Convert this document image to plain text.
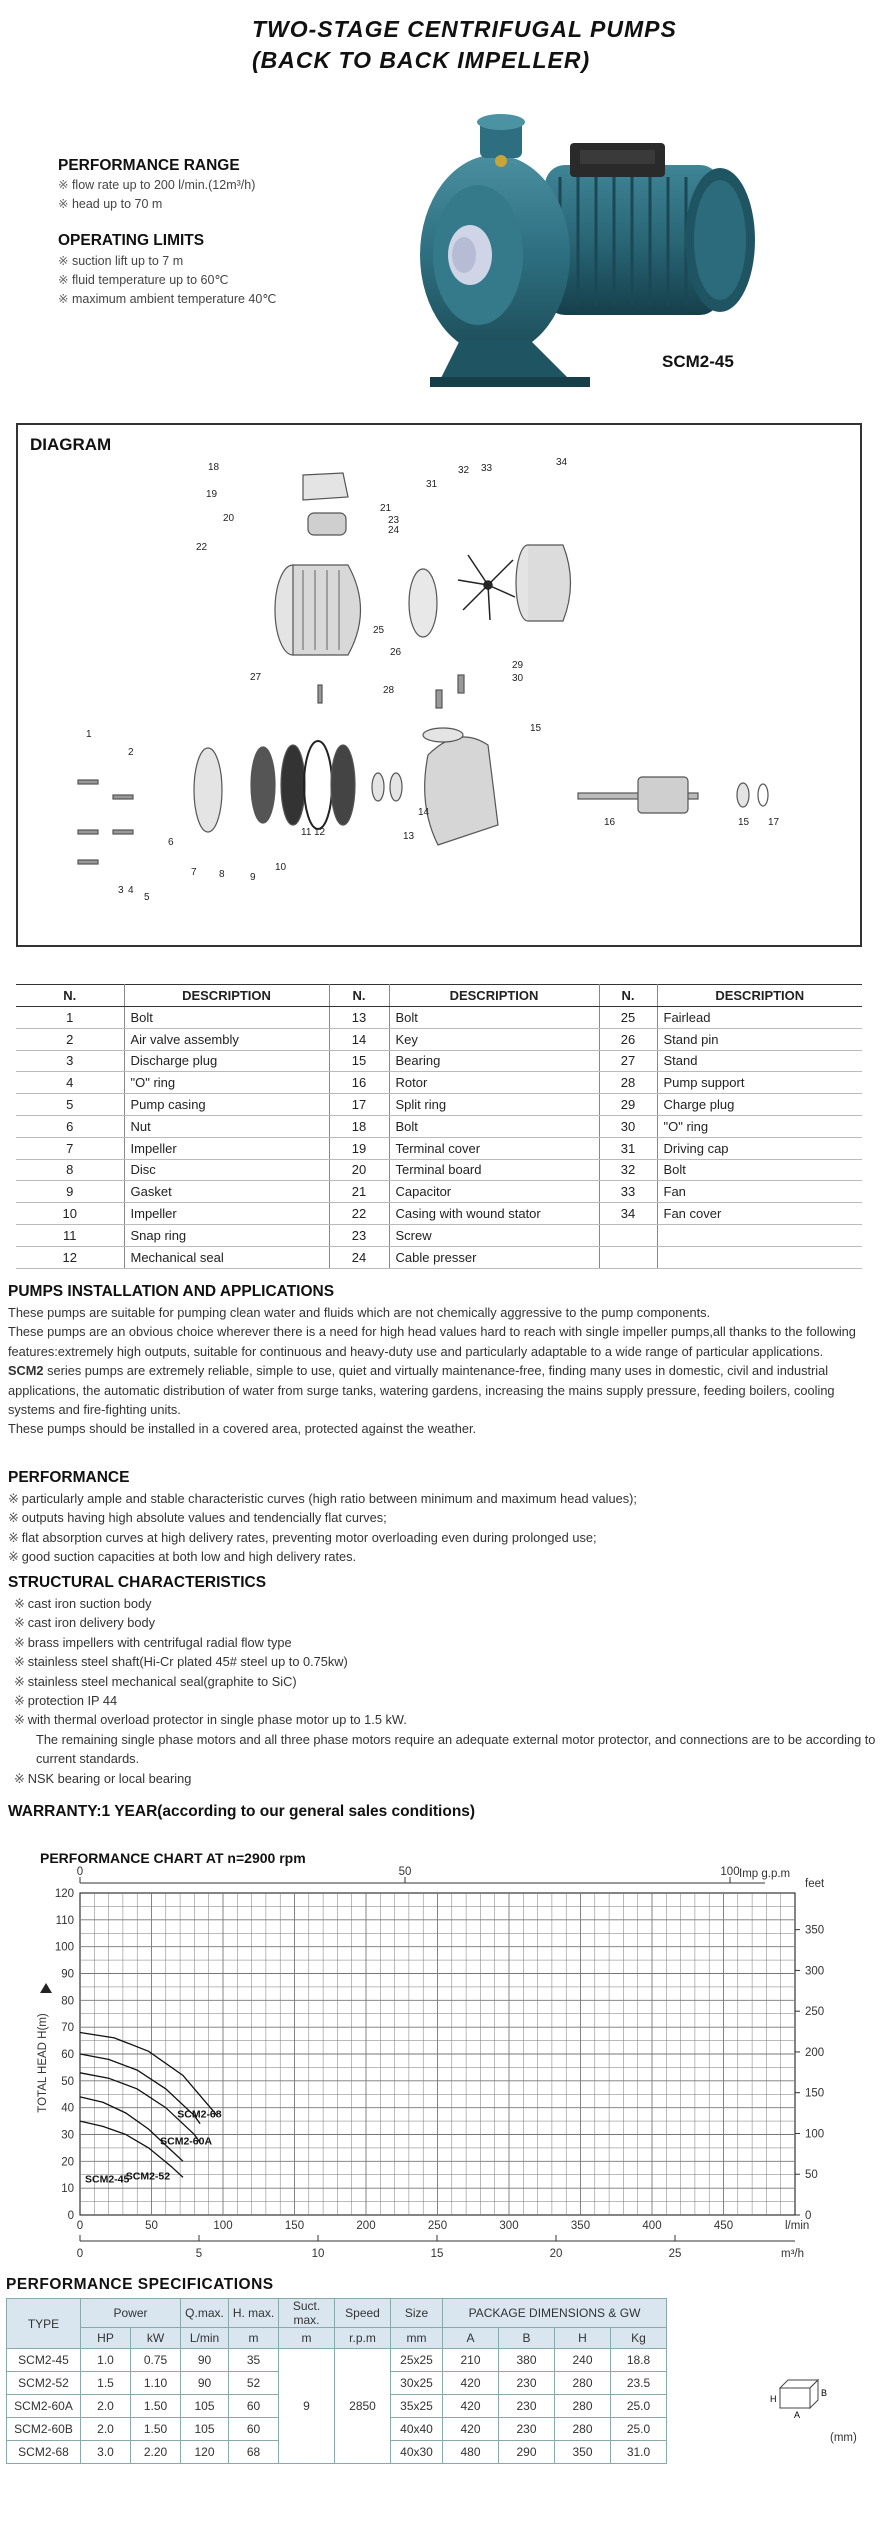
TWO-STAGE CENTRIFUGAL PUMPS
(BACK TO BACK IMPELLER)
PERFORMANCE RANGE
※ flow rate up to 200 l/min.(12m³/h)
※ head up to 70 m
OPERATING LIMITS
※ suction lift up to 7 m
※ fluid temperature up to 60℃
※ maximum ambient temperature 40℃
SCM2-45
DIAGRAM
1
2
3 4
5
6
7 8	9
10
11 12	13
14
15
16	17
15
18
19
20
21
22
23
24
25
26
27
28
29
30
31
32 33
34
N.	DESCRIPTION	N.	DESCRIPTION	N.	DESCRIPTION
1	Bolt	13	Bolt	25	Fairlead
2	Air valve assembly	14	Key	26	Stand pin
3	Discharge plug	15	Bearing	27	Stand
4	"O" ring	16	Rotor	28	Pump support
5	Pump casing	17	Split ring	29	Charge plug
6	Nut	18	Bolt	30	"O" ring
7	Impeller	19	Terminal cover	31	Driving cap
8	Disc	20	Terminal board	32	Bolt
9	Gasket	21	Capacitor	33	Fan
10	Impeller	22	Casing with wound stator	34	Fan cover
11	Snap ring	23	Screw		
12	Mechanical seal	24	Cable presser		
PUMPS INSTALLATION AND APPLICATIONS
These pumps are suitable for pumping clean water and fluids which are not chemically aggressive to the pump components.
These pumps are an obvious choice wherever there is a need for high head values hard to reach with single impeller pumps,all thanks to the following features:extremely high outputs, suitable for continuous and heavy-duty use and particularly adaptable to a wide range of particular applications.
SCM2 series pumps are extremely reliable, simple to use, quiet and virtually maintenance-free, finding many uses in domestic, civil and industrial applications, the automatic distribution of water from surge tanks, watering gardens, increasing the mains supply pressure, feeding boilers, cooling systems and fire-fighting units.
These pumps should be installed in a covered area, protected against the weather.
PERFORMANCE
※ particularly ample and stable characteristic curves (high ratio between minimum and maximum head values);
※ outputs having high absolute values and tendencially flat curves;
※ flat absorption curves at high delivery rates, preventing motor overloading even during prolonged use;
※ good suction capacities at both low and high delivery rates.
STRUCTURAL CHARACTERISTICS
※ cast iron suction body
※ cast iron delivery body
※ brass impellers with centrifugal radial flow type
※ stainless steel shaft(Hi-Cr plated 45# steel up to 0.75kw)
※ stainless steel mechanical seal(graphite to SiC)
※ protection IP 44
※ with thermal overload protector in single phase motor up to 1.5 kW.
The remaining single phase motors and all three phase motors require an adequate external motor protector, and connections are to be according to current standards.
※ NSK bearing or local bearing
WARRANTY:1 YEAR(according to our general sales conditions)
PERFORMANCE CHART AT n=2900 rpm
0
10
20
30
40
50
60
70
80
90
100
110
120
0	50	100	150	200	250	300	350	400	450	l/min
0	5	10	15	20	25	m³/h
0
50
100
150
200
250
300
350
feet
0	50	100 Imp g.p.m
TOTAL HEAD H(m)
SCM2-45
SCM2-52
SCM2-60A
SCM2-68
PERFORMANCE SPECIFICATIONS
TYPE	Power		Q.max.	H. max.	Suct. max.	Speed	Size	PACKAGE DIMENSIONS & GW			
	HP	kW	L/min	m	m	r.p.m	mm	A	B	H	Kg
SCM2-45	1.0	0.75	90	35	9	2850	25x25	210	380	240	18.8
SCM2-52	1.5	1.10	90	52			30x25	420	230	280	23.5
SCM2-60A	2.0	1.50	105	60			35x25	420	230	280	25.0
SCM2-60B	2.0	1.50	105	60			40x40	420	230	280	25.0
SCM2-68	3.0	2.20	120	68			40x30	480	290	350	31.0
H
B
A
(mm)
